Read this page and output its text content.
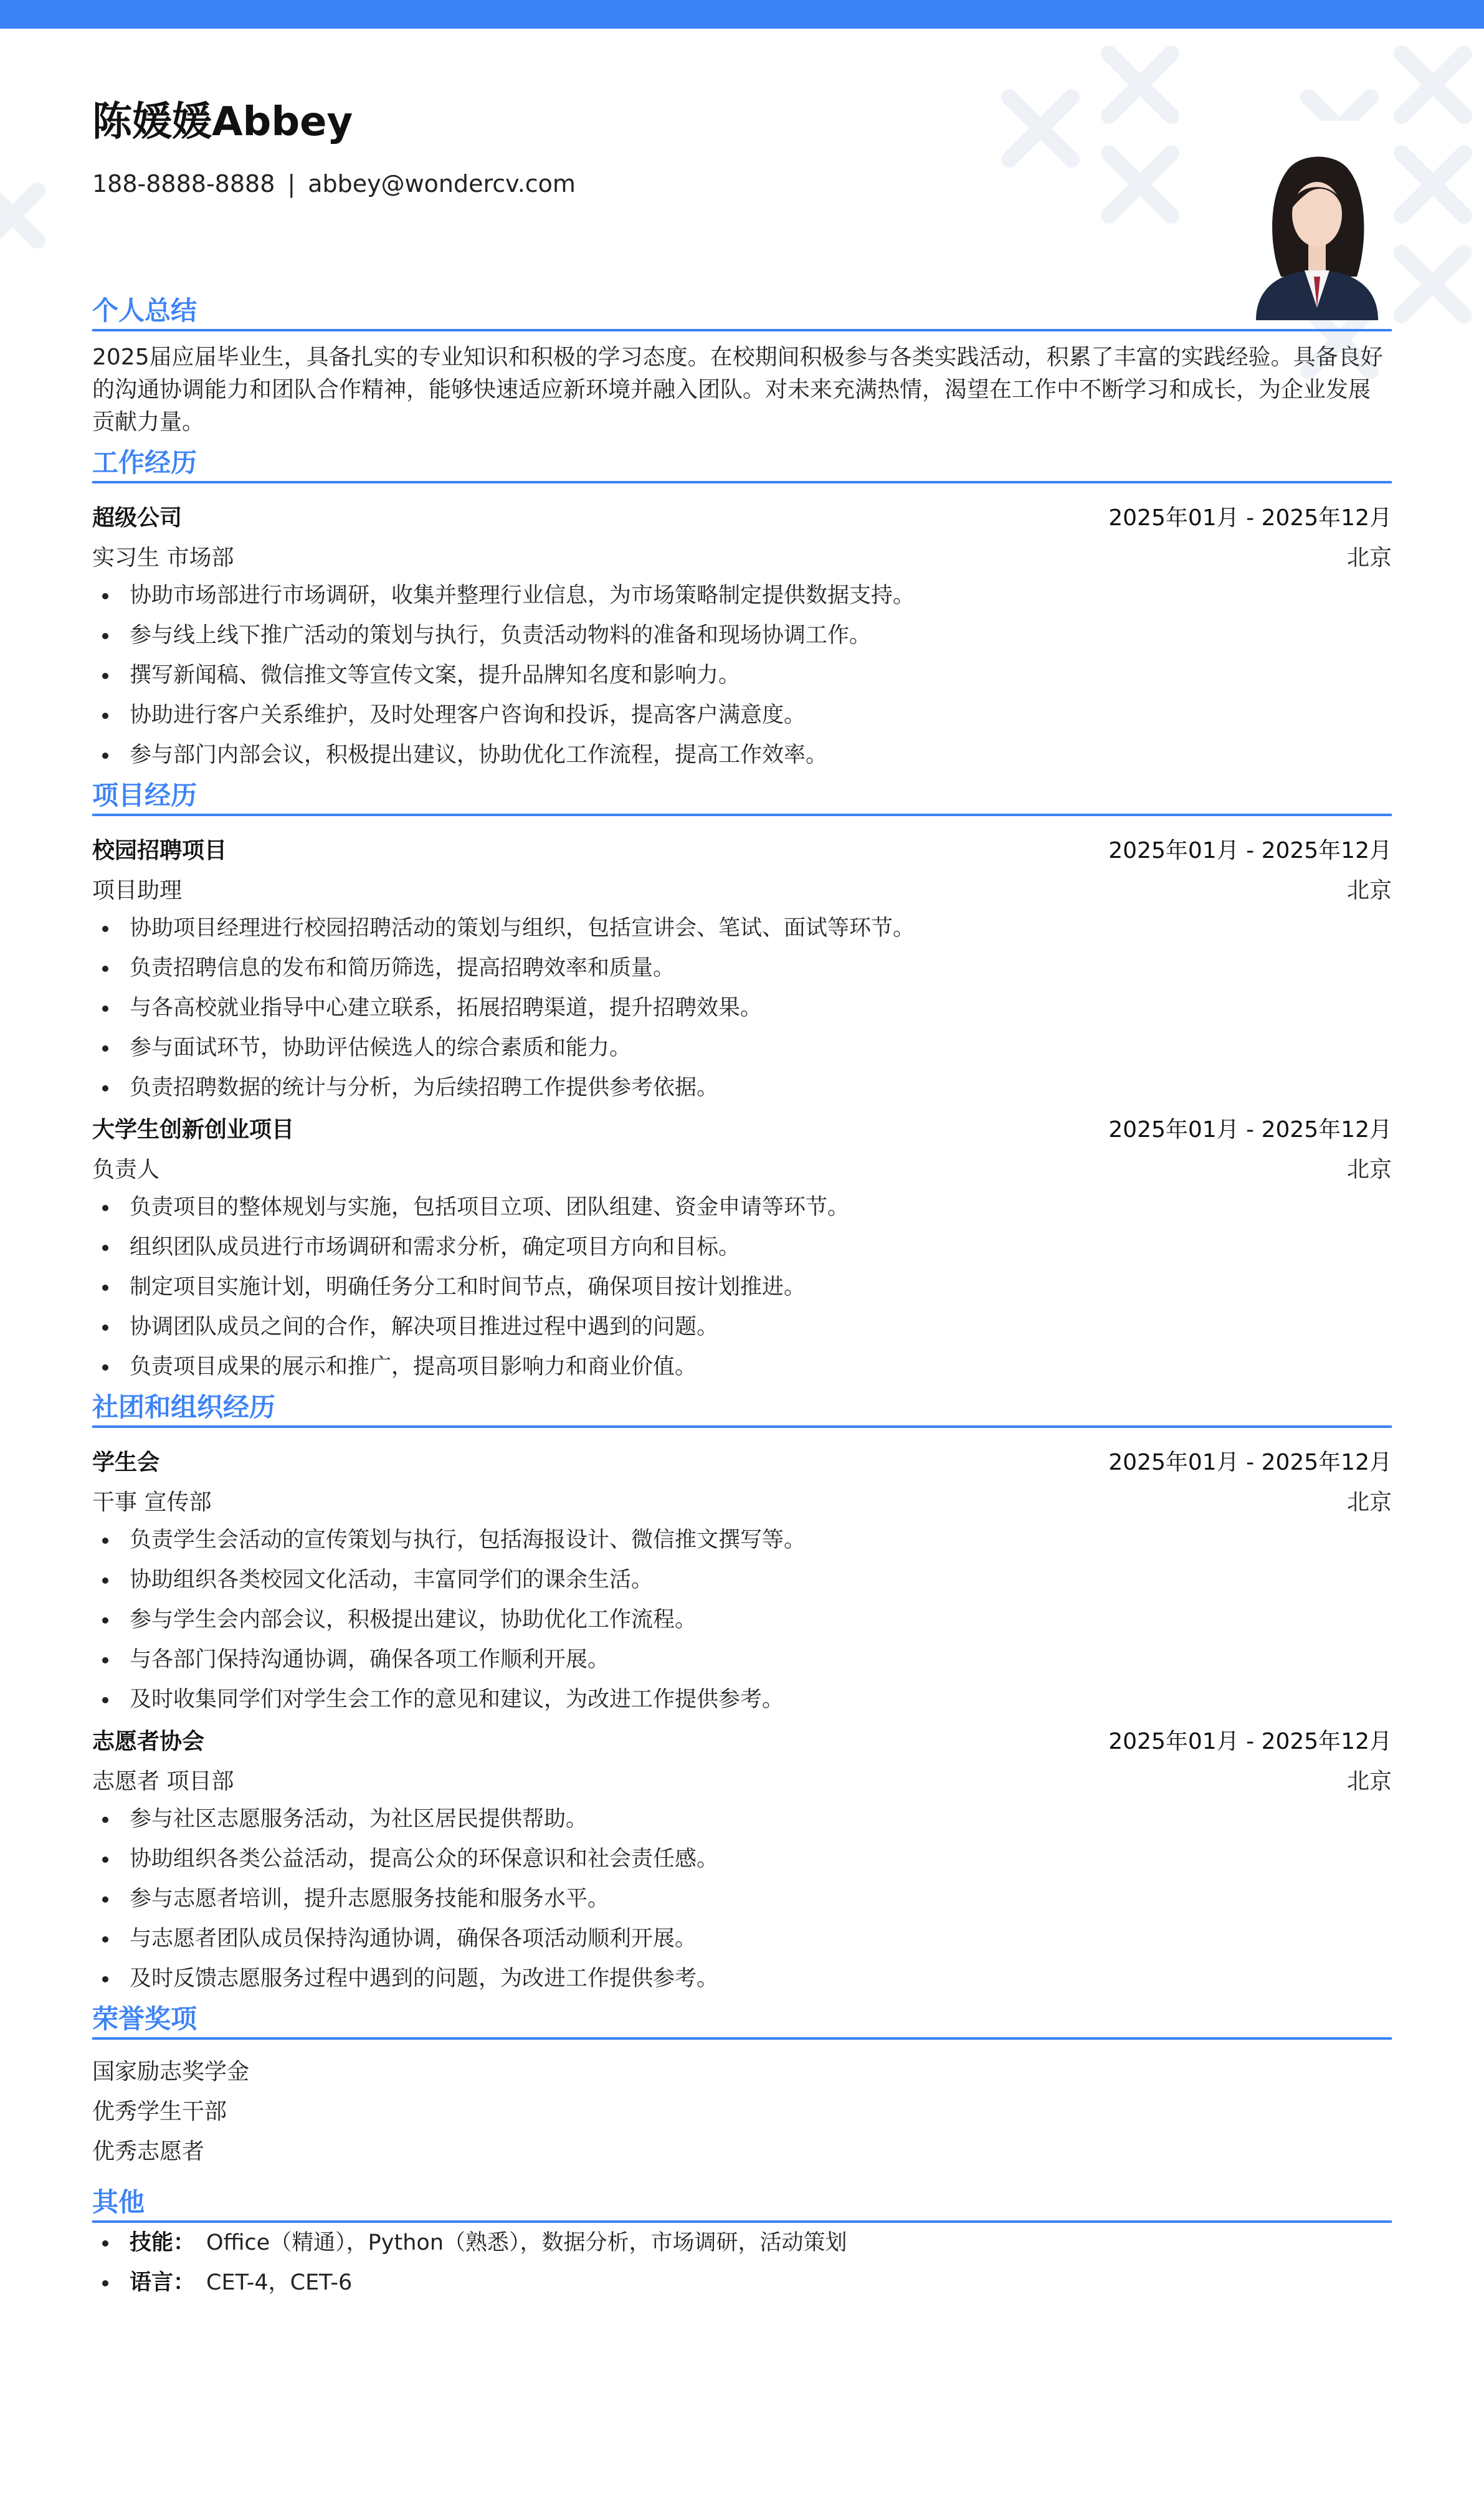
陈媛媛Abbey
188-8888-8888 | abbey@wondercv.com
个人总结
2025届应届毕业生，具备扎实的专业知识和积极的学习态度。在校期间积极参与各类实践活动，积累了丰富的实践经验。具备良好的沟通协调能力和团队合作精神，能够快速适应新环境并融入团队。对未来充满热情，渴望在工作中不断学习和成长，为企业发展贡献力量。
工作经历
超级公司	2025年01月 - 2025年12月
实习生 市场部	北京
协助市场部进行市场调研，收集并整理行业信息，为市场策略制定提供数据支持。
参与线上线下推广活动的策划与执行，负责活动物料的准备和现场协调工作。
撰写新闻稿、微信推文等宣传文案，提升品牌知名度和影响力。
协助进行客户关系维护，及时处理客户咨询和投诉，提高客户满意度。
参与部门内部会议，积极提出建议，协助优化工作流程，提高工作效率。
项目经历
校园招聘项目	2025年01月 - 2025年12月
项目助理	北京
协助项目经理进行校园招聘活动的策划与组织，包括宣讲会、笔试、面试等环节。
负责招聘信息的发布和简历筛选，提高招聘效率和质量。
与各高校就业指导中心建立联系，拓展招聘渠道，提升招聘效果。
参与面试环节，协助评估候选人的综合素质和能力。
负责招聘数据的统计与分析，为后续招聘工作提供参考依据。
大学生创新创业项目	2025年01月 - 2025年12月
负责人	北京
负责项目的整体规划与实施，包括项目立项、团队组建、资金申请等环节。
组织团队成员进行市场调研和需求分析，确定项目方向和目标。
制定项目实施计划，明确任务分工和时间节点，确保项目按计划推进。
协调团队成员之间的合作，解决项目推进过程中遇到的问题。
负责项目成果的展示和推广，提高项目影响力和商业价值。
社团和组织经历
学生会	2025年01月 - 2025年12月
干事 宣传部	北京
负责学生会活动的宣传策划与执行，包括海报设计、微信推文撰写等。
协助组织各类校园文化活动，丰富同学们的课余生活。
参与学生会内部会议，积极提出建议，协助优化工作流程。
与各部门保持沟通协调，确保各项工作顺利开展。
及时收集同学们对学生会工作的意见和建议，为改进工作提供参考。
志愿者协会	2025年01月 - 2025年12月
志愿者 项目部	北京
参与社区志愿服务活动，为社区居民提供帮助。
协助组织各类公益活动，提高公众的环保意识和社会责任感。
参与志愿者培训，提升志愿服务技能和服务水平。
与志愿者团队成员保持沟通协调，确保各项活动顺利开展。
及时反馈志愿服务过程中遇到的问题，为改进工作提供参考。
荣誉奖项
国家励志奖学金
优秀学生干部
优秀志愿者
其他
技能： Office（精通），Python（熟悉），数据分析，市场调研，活动策划
语言： CET-4，CET-6
